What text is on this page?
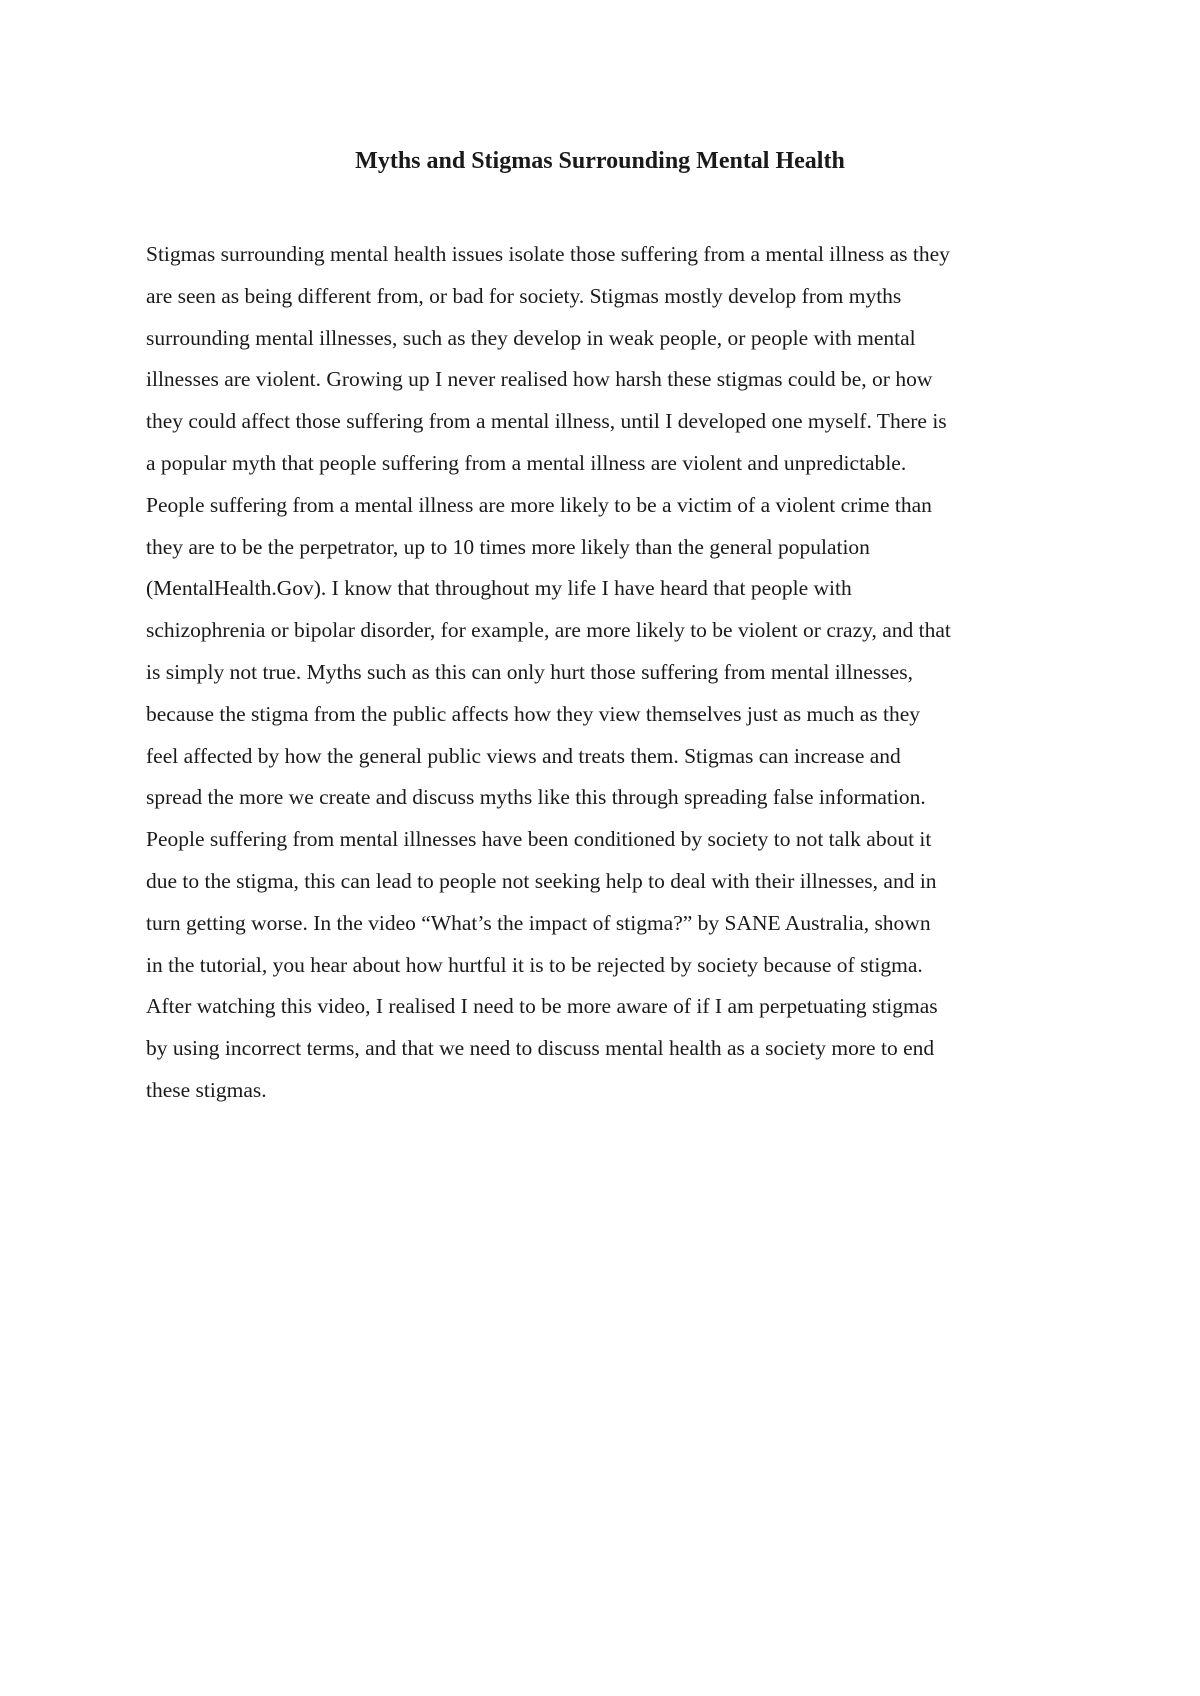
Myths and Stigmas Surrounding Mental Health
Stigmas surrounding mental health issues isolate those suffering from a mental illness as they
are seen as being different from, or bad for society. Stigmas mostly develop from myths
surrounding mental illnesses, such as they develop in weak people, or people with mental
illnesses are violent. Growing up I never realised how harsh these stigmas could be, or how
they could affect those suffering from a mental illness, until I developed one myself. There is
a popular myth that people suffering from a mental illness are violent and unpredictable.
People suffering from a mental illness are more likely to be a victim of a violent crime than
they are to be the perpetrator, up to 10 times more likely than the general population
(MentalHealth.Gov). I know that throughout my life I have heard that people with
schizophrenia or bipolar disorder, for example, are more likely to be violent or crazy, and that
is simply not true. Myths such as this can only hurt those suffering from mental illnesses,
because the stigma from the public affects how they view themselves just as much as they
feel affected by how the general public views and treats them. Stigmas can increase and
spread the more we create and discuss myths like this through spreading false information.
People suffering from mental illnesses have been conditioned by society to not talk about it
due to the stigma, this can lead to people not seeking help to deal with their illnesses, and in
turn getting worse. In the video “What’s the impact of stigma?” by SANE Australia, shown
in the tutorial, you hear about how hurtful it is to be rejected by society because of stigma.
After watching this video, I realised I need to be more aware of if I am perpetuating stigmas
by using incorrect terms, and that we need to discuss mental health as a society more to end
these stigmas.
